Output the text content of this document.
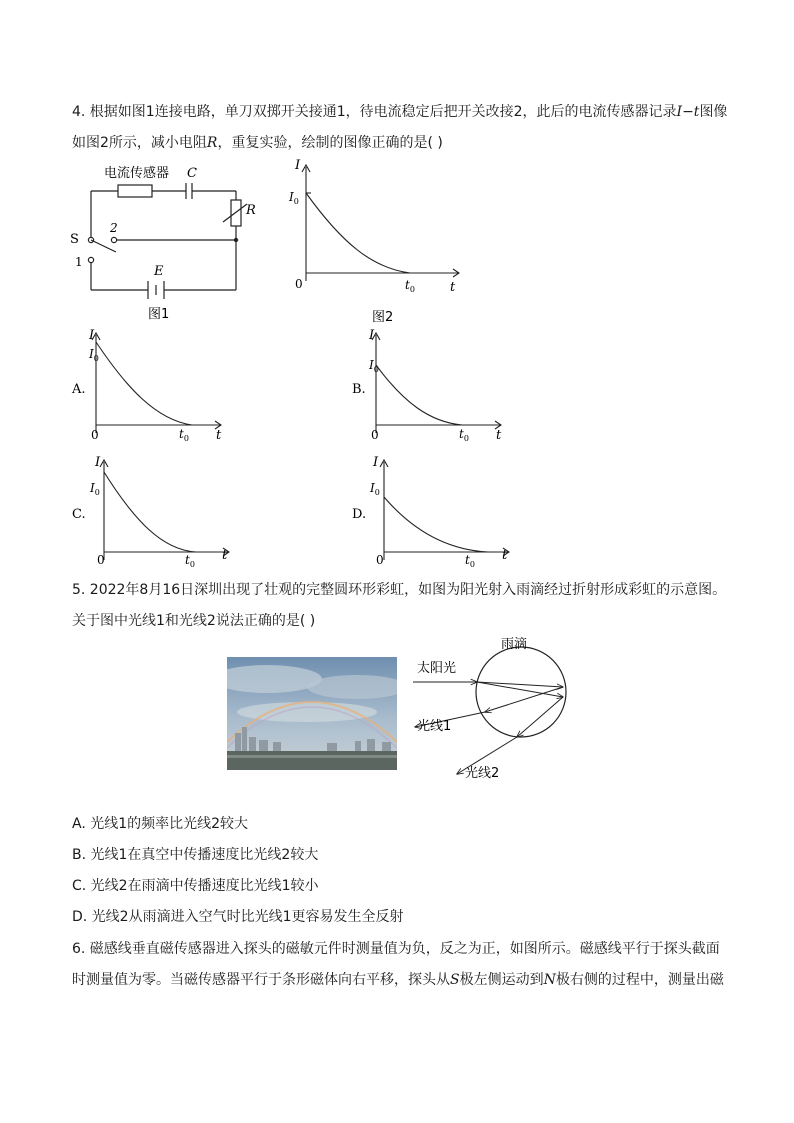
4. 根据如图1连接电路，单刀双掷开关接通1，待电流稳定后把开关改接2，此后的电流传感器记录I−t图像
如图2所示，减小电阻R，重复实验，绘制的图像正确的是( )
电流传感器 C
R
S
2
1
E
图1
I
t
0
$I_0$
$t_0$
图2
A.
I
t
0
$I_0$
$t_0$
B.
I
t
0
$I_0$
$t_0$
C.
I
t
0
$I_0$
$t_0$
D.
I
t
0
$I_0$
$t_0$
5. 2022年8月16日深圳出现了壮观的完整圆环形彩虹，如图为阳光射入雨滴经过折射形成彩虹的示意图。
关于图中光线1和光线2说法正确的是( )
雨滴
太阳光
光线1
光线2
A. 光线1的频率比光线2较大
B. 光线1在真空中传播速度比光线2较大
C. 光线2在雨滴中传播速度比光线1较小
D. 光线2从雨滴进入空气时比光线1更容易发生全反射
6. 磁感线垂直磁传感器进入探头的磁敏元件时测量值为负，反之为正，如图所示。磁感线平行于探头截面
时测量值为零。当磁传感器平行于条形磁体向右平移，探头从S极左侧运动到N极右侧的过程中，测量出磁
